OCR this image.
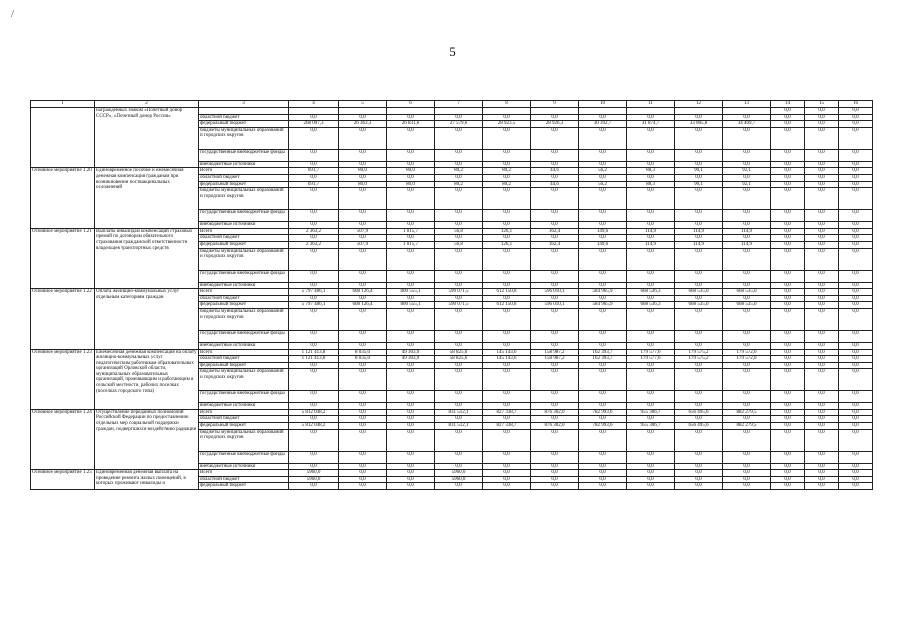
/
5
1	2	3	4	5	6	7	8	9	10	11	12	13	14	15	16
	награжденных знаком «Почетный донор СССР», «Почетный донор России»												0,0	0,0	0,0
		областной бюджет	0,0	0,0	0,0	0,0	0,0	0,0	0,0	0,0	0,0	0,0	0,0	0,0	0,0
		федеральный бюджет	268 097,3	26 363,3	26 831,6	27 579,6	28 923,5	28 926,3	30 392,7	31 874,7	33 085,8	34 409,7	0,0	0,0	0,0
		бюджеты муниципальных образований и городских округов	0,0	0,0	0,0	0,0	0,0	0,0	0,0	0,0	0,0	0,0	0,0	0,0	0,0
		государственные внебюджетные фонды	0,0	0,0	0,0	0,0	0,0	0,0	0,0	0,0	0,0	0,0	0,0	0,0	0,0
		внебюджетные источники	0,0	0,0	0,0	0,0	0,0	0,0	0,0	0,0	0,0	0,0	0,0	0,0	0,0
Основное мероприятие 1.20	Единовременное пособие и ежемесячная денежная компенсация гражданам при возникновении поствакцинальных осложнений	Всего	691,7	80,0	80,0	80,2	80,2	44,6	56,2	88,3	90,1	92,1	0,0	0,0	0,0
		областной бюджет	0,0	0,0	0,0	0,0	0,0	0,0	0,0	0,0	0,0	0,0	0,0	0,0	0,0
		федеральный бюджет	691,7	80,0	80,0	80,2	80,2	44,6	56,2	88,3	90,1	92,1	0,0	0,0	0,0
		бюджеты муниципальных образований и городских округов	0,0	0,0	0,0	0,0	0,0	0,0	0,0	0,0	0,0	0,0	0,0	0,0	0,0
		государственные внебюджетные фонды	0,0	0,0	0,0	0,0	0,0	0,0	0,0	0,0	0,0	0,0	0,0	0,0	0,0
		внебюджетные источники	0,0	0,0	0,0	0,0	0,0	0,0	0,0	0,0	0,0	0,0	0,0	0,0	0,0
Основное мероприятие 1.21	Выплаты инвалидам компенсаций страховых премий по договорам обязательного страхования гражданской ответственности владельцев транспортных средств	Всего	2 363,2	507,9	1 015,7	56,8	126,1	162,4	149,6	114,9	114,9	114,9	0,0	0,0	0,0
		областной бюджет	0,0	0,0	0,0	0,0	0,0	0,0	0,0	0,0	0,0	0,0	0,0	0,0	0,0
		федеральный бюджет	2 363,2	507,9	1 015,7	56,8	126,1	162,4	149,6	114,9	114,9	114,9	0,0	0,0	0,0
		бюджеты муниципальных образований и городских округов	0,0	0,0	0,0	0,0	0,0	0,0	0,0	0,0	0,0	0,0	0,0	0,0	0,0
		государственные внебюджетные фонды	0,0	0,0	0,0	0,0	0,0	0,0	0,0	0,0	0,0	0,0	0,0	0,0	0,0
		внебюджетные источники	0,0	0,0	0,0	0,0	0,0	0,0	0,0	0,0	0,0	0,0	0,0	0,0	0,0
Основное мероприятие 1.22	Оплата жилищно-коммунальных услуг отдельным категориям граждан	Всего	5 797 486,1	608 126,4	800 555,1	590 071,5	612 150,8	596 010,1	584 965,9	668 536,3	668 535,0	668 535,0	0,0	0,0	0,0
		областной бюджет	0,0	0,0	0,0	0,0	0,0	0,0	0,0	0,0	0,0	0,0	0,0	0,0	0,0
		федеральный бюджет	5 797 486,1	608 126,4	800 555,1	590 071,5	612 150,8	596 010,1	584 965,9	668 536,3	668 535,0	668 535,0	0,0	0,0	0,0
		бюджеты муниципальных образований и городских округов	0,0	0,0	0,0	0,0	0,0	0,0	0,0	0,0	0,0	0,0	0,0	0,0	0,0
		государственные внебюджетные фонды	0,0	0,0	0,0	0,0	0,0	0,0	0,0	0,0	0,0	0,0	0,0	0,0	0,0
		внебюджетные источники	0,0	0,0	0,0	0,0	0,0	0,0	0,0	0,0	0,0	0,0	0,0	0,0	0,0
Основное мероприятие 1.23	Ежемесячная денежная компенсация на оплату жилищно-коммунальных услуг педагогическим работникам образовательных организаций Орловской области, муниципальных образовательных организаций, проживающим и работающим в сельской местности, рабочих поселках (поселках городского типа)	Всего	1 121 413,8	8 035,0	49 303,9	58 825,6	145 143,6	158 987,2	162 393,7	179 577,6	179 575,2	179 572,0	0,0	0,0	0,0
		областной бюджет	1 121 413,8	8 035,0	49 303,9	58 825,6	145 143,6	158 987,2	162 393,7	179 577,6	179 575,2	179 572,0	0,0	0,0	0,0
		федеральный бюджет	0,0	0,0	0,0	0,0	0,0	0,0	0,0	0,0	0,0	0,0	0,0	0,0	0,0
		бюджеты муниципальных образований и городских округов	0,0	0,0	0,0	0,0	0,0	0,0	0,0	0,0	0,0	0,0	0,0	0,0	0,0
		государственные внебюджетные фонды	0,0	0,0	0,0	0,0	0,0	0,0	0,0	0,0	0,0	0,0	0,0	0,0	0,0
		внебюджетные источники	0,0	0,0	0,0	0,0	0,0	0,0	0,0	0,0	0,0	0,0	0,0	0,0	0,0
Основное мероприятие 1.24	Осуществление переданных полномочий Российской Федерации по предоставлению отдельных мер социальной поддержки граждан, подвергшихся воздействию радиации	Всего	5 812 048,2	0,0	0,0	831 512,1	827 338,7	876 302,0	782 993,6	955 306,7	656 495,6	882 279,5	0,0	0,0	0,0
		областной бюджет	0,0	0,0	0,0	0,0	0,0	0,0	0,0	0,0	0,0	0,0	0,0	0,0	0,0
		федеральный бюджет	5 812 048,2	0,0	0,0	831 512,1	827 338,7	876 302,0	782 993,6	955 306,7	656 495,6	882 279,5	0,0	0,0	0,0
		бюджеты муниципальных образований и городских округов	0,0	0,0	0,0	0,0	0,0	0,0	0,0	0,0	0,0	0,0	0,0	0,0	0,0
		государственные внебюджетные фонды	0,0	0,0	0,0	0,0	0,0	0,0	0,0	0,0	0,0	0,0	0,0	0,0	0,0
		внебюджетные источники	0,0	0,0	0,0	0,0	0,0	0,0	0,0	0,0	0,0	0,0	0,0	0,0	0,0
Основное мероприятие 1.25	Единовременная денежная выплата на проведение ремонта жилых помещений, в которых проживают инвалиды и	Всего	5960,0	0,0	0,0	5960,0	0,0	0,0	0,0	0,0	0,0	0,0	0,0	0,0	0,0
		областной бюджет	5960,0	0,0	0,0	5960,0	0,0	0,0	0,0	0,0	0,0	0,0	0,0	0,0	0,0
		федеральный бюджет	0,0	0,0	0,0	0,0	0,0	0,0	0,0	0,0	0,0	0,0	0,0	0,0	0,0
